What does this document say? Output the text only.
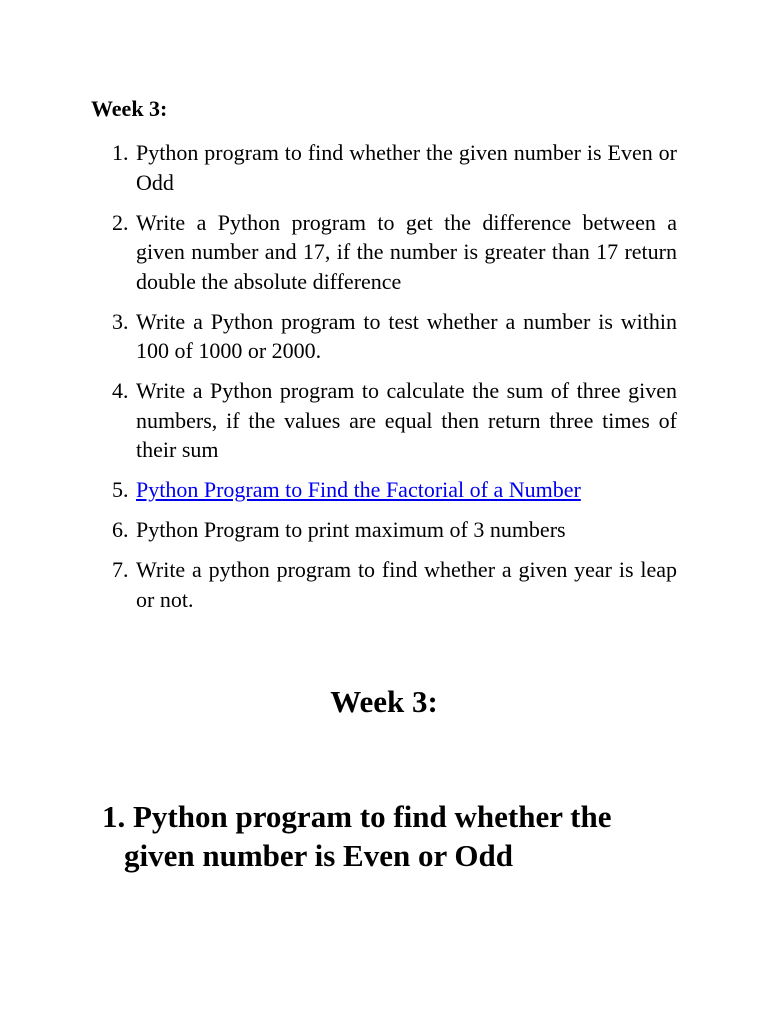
Week 3:
1. Python program to find whether the given number is Even or Odd
2. Write a Python program to get the difference between a given number and 17, if the number is greater than 17 return double the absolute difference
3. Write a Python program to test whether a number is within 100 of 1000 or 2000.
4. Write a Python program to calculate the sum of three given numbers, if the values are equal then return three times of their sum
5. Python Program to Find the Factorial of a Number
6. Python Program to print maximum of 3 numbers
7. Write a python program to find whether a given year is leap or not.
Week 3:
1. Python program to find whether the
given number is Even or Odd
